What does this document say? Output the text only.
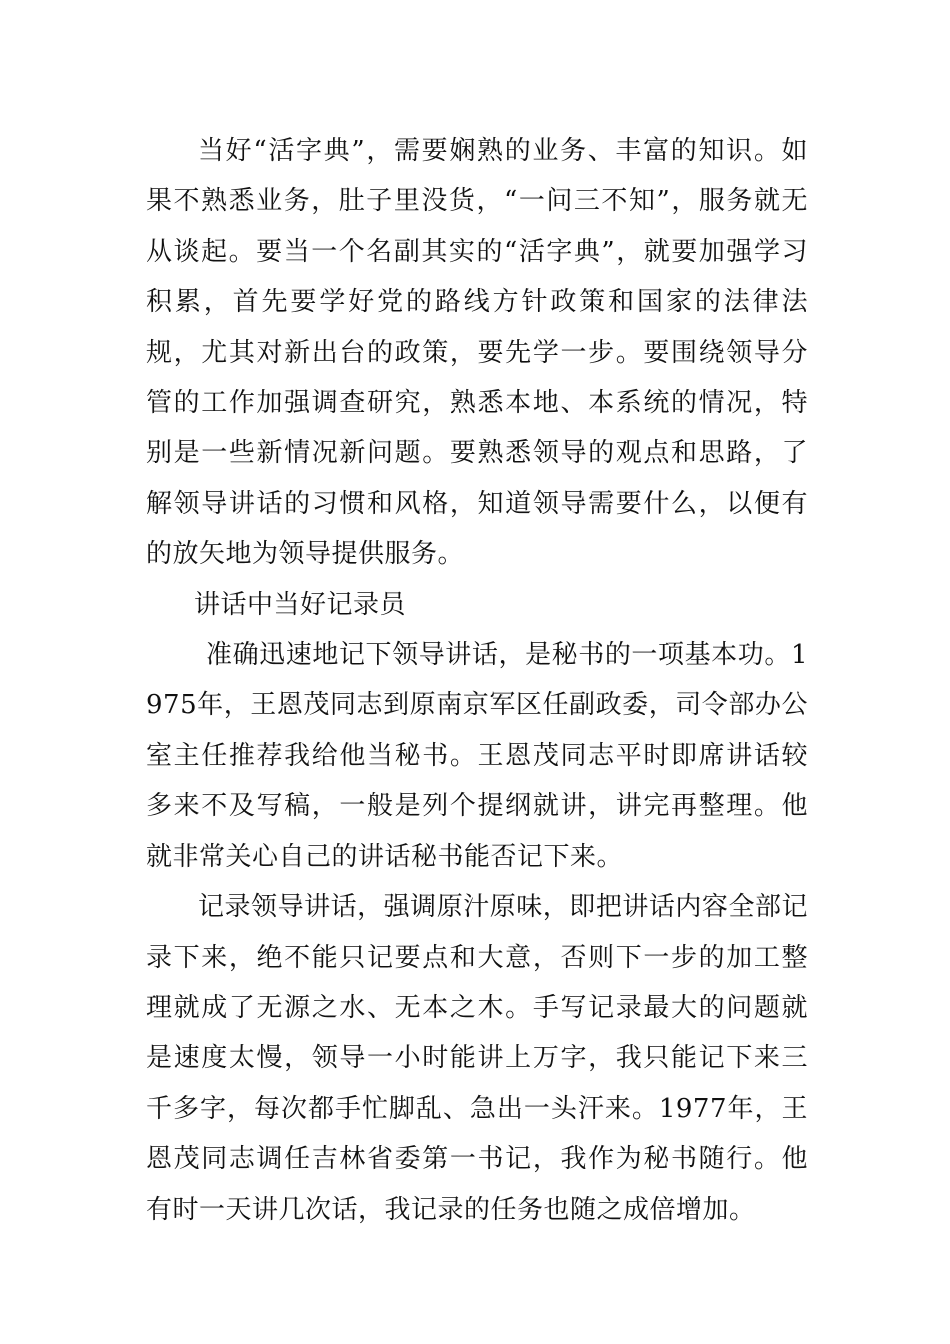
当好“活字典”，需要娴熟的业务、丰富的知识。如果不熟悉业务，肚子里没货，“一问三不知”，服务就无从谈起。要当一个名副其实的“活字典”，就要加强学习积累，首先要学好党的路线方针政策和国家的法律法规，尤其对新出台的政策，要先学一步。要围绕领导分管的工作加强调查研究，熟悉本地、本系统的情况，特别是一些新情况新问题。要熟悉领导的观点和思路，了解领导讲话的习惯和风格，知道领导需要什么，以便有的放矢地为领导提供服务。

讲话中当好记录员

准确迅速地记下领导讲话，是秘书的一项基本功。1975年，王恩茂同志到原南京军区任副政委，司令部办公室主任推荐我给他当秘书。王恩茂同志平时即席讲话较多来不及写稿，一般是列个提纲就讲，讲完再整理。他就非常关心自己的讲话秘书能否记下来。

记录领导讲话，强调原汁原味，即把讲话内容全部记录下来，绝不能只记要点和大意，否则下一步的加工整理就成了无源之水、无本之木。手写记录最大的问题就是速度太慢，领导一小时能讲上万字，我只能记下来三千多字，每次都手忙脚乱、急出一头汗来。1977年，王恩茂同志调任吉林省委第一书记，我作为秘书随行。他有时一天讲几次话，我记录的任务也随之成倍增加。
